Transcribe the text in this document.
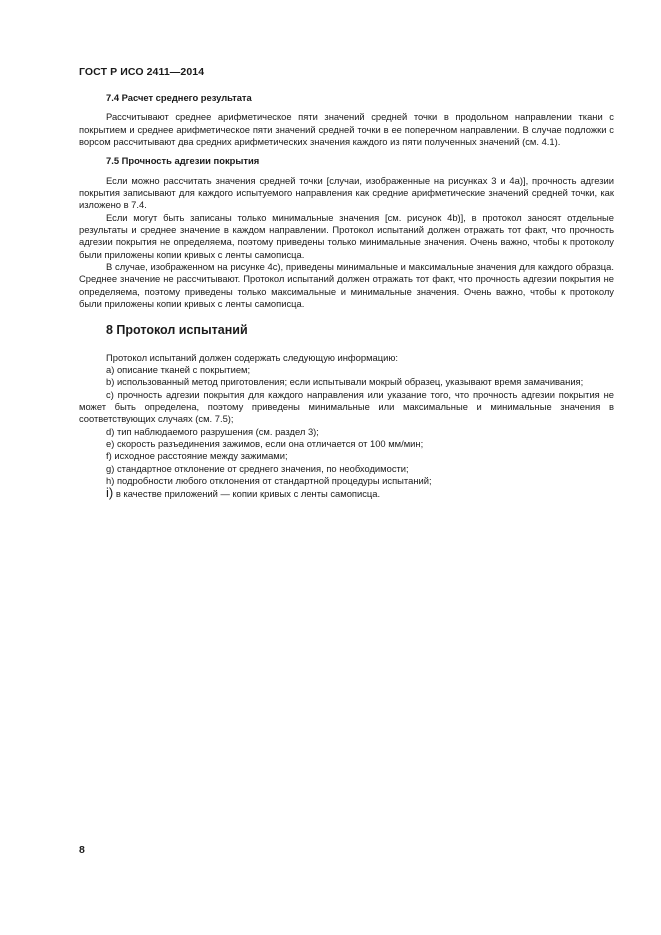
ГОСТ Р ИСО 2411—2014
7.4 Расчет среднего результата

Рассчитывают среднее арифметическое пяти значений средней точки в продольном направлении ткани с покрытием и среднее арифметическое пяти значений средней точки в ее поперечном направлении. В случае подложки с ворсом рассчитывают два средних арифметических значения каждого из пяти полученных значений (см. 4.1).

7.5 Прочность адгезии покрытия

Если можно рассчитать значения средней точки [случаи, изображенные на рисунках 3 и 4а)], прочность адгезии покрытия записывают для каждого испытуемого направления как средние арифметические значений средней точки, как изложено в 7.4.

Если могут быть записаны только минимальные значения [см. рисунок 4b)], в протокол заносят отдельные результаты и среднее значение в каждом направлении. Протокол испытаний должен отражать тот факт, что прочность адгезии покрытия не определяема, поэтому приведены только минимальные значения. Очень важно, чтобы к протоколу были приложены копии кривых с ленты самописца.

В случае, изображенном на рисунке 4с), приведены минимальные и максимальные значения для каждого образца. Среднее значение не рассчитывают. Протокол испытаний должен отражать тот факт, что прочность адгезии покрытия не определяема, поэтому приведены только максимальные и минимальные значения. Очень важно, чтобы к протоколу были приложены копии кривых с ленты самописца.

8 Протокол испытаний

Протокол испытаний должен содержать следующую информацию:

a) описание тканей с покрытием;
b) использованный метод приготовления; если испытывали мокрый образец, указывают время замачивания;
c) прочность адгезии покрытия для каждого направления или указание того, что прочность адгезии покрытия не может быть определена, поэтому приведены минимальные или максимальные и минимальные значения в соответствующих случаях (см. 7.5);
d) тип наблюдаемого разрушения (см. раздел 3);
e) скорость разъединения зажимов, если она отличается от 100 мм/мин;
f) исходное расстояние между зажимами;
g) стандартное отклонение от среднего значения, по необходимости;
h) подробности любого отклонения от стандартной процедуры испытаний;
i) в качестве приложений — копии кривых с ленты самописца.
8
